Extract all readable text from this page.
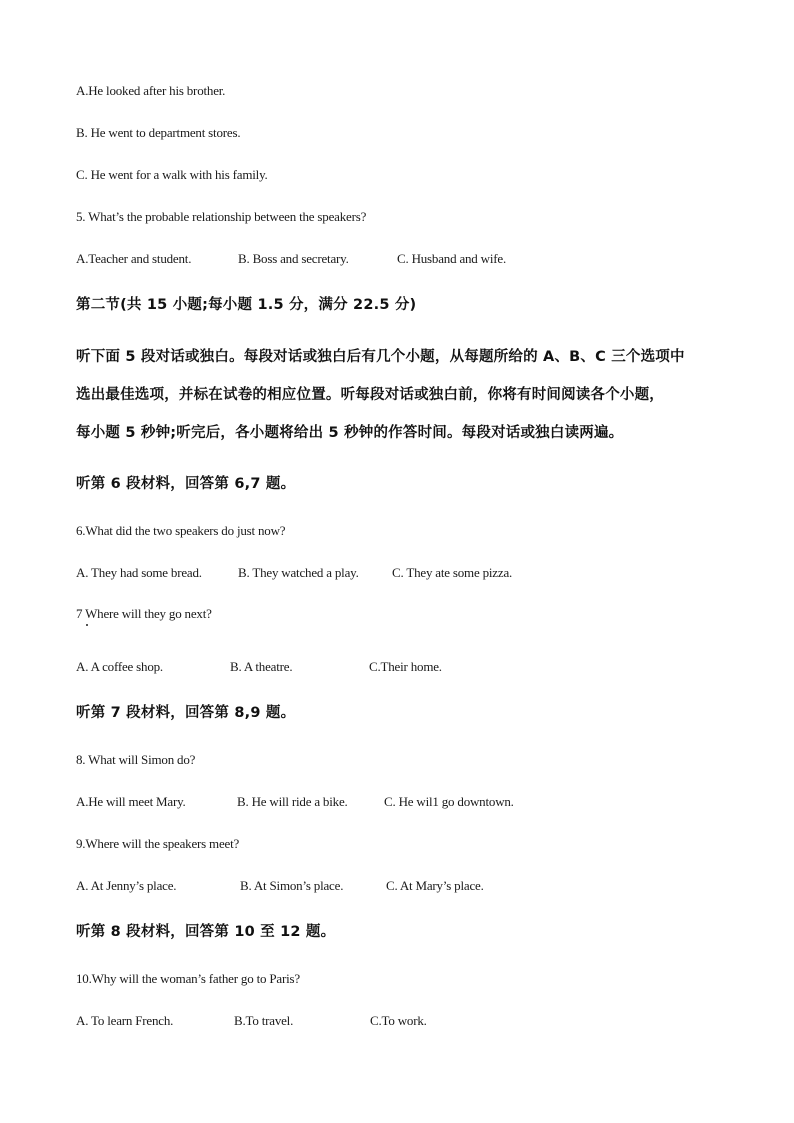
A.He looked after his brother.
B. He went to department stores.
C. He went for a walk with his family.
5. What’s the probable relationship between the speakers?
A.Teacher and student.	B. Boss and secretary.	C. Husband and wife.
第二节(共 15 小题;每小题 1.5 分，满分 22.5 分)
听下面 5 段对话或独白。每段对话或独白后有几个小题，从每题所给的 A、B、C 三个选项中
选出最佳选项，并标在试卷的相应位置。听每段对话或独白前，你将有时间阅读各个小题，
每小题 5 秒钟;听完后，各小题将给出 5 秒钟的作答时间。每段对话或独白读两遍。
听第 6 段材料，回答第 6,7 题。
6.What did the two speakers do just now?
A. They had some bread.	B. They watched a play.	C. They ate some pizza.
7 Where will they go next?
A. A coffee shop.	B. A theatre.	C.Their home.
听第 7 段材料，回答第 8,9 题。
8. What will Simon do?
A.He will meet Mary.	B. He will ride a bike.	C. He wil1 go downtown.
9.Where will the speakers meet?
A. At Jenny’s place.	B. At Simon’s place.	C. At Mary’s place.
听第 8 段材料，回答第 10 至 12 题。
10.Why will the woman’s father go to Paris?
A. To learn French.	B.To travel.	C.To work.
